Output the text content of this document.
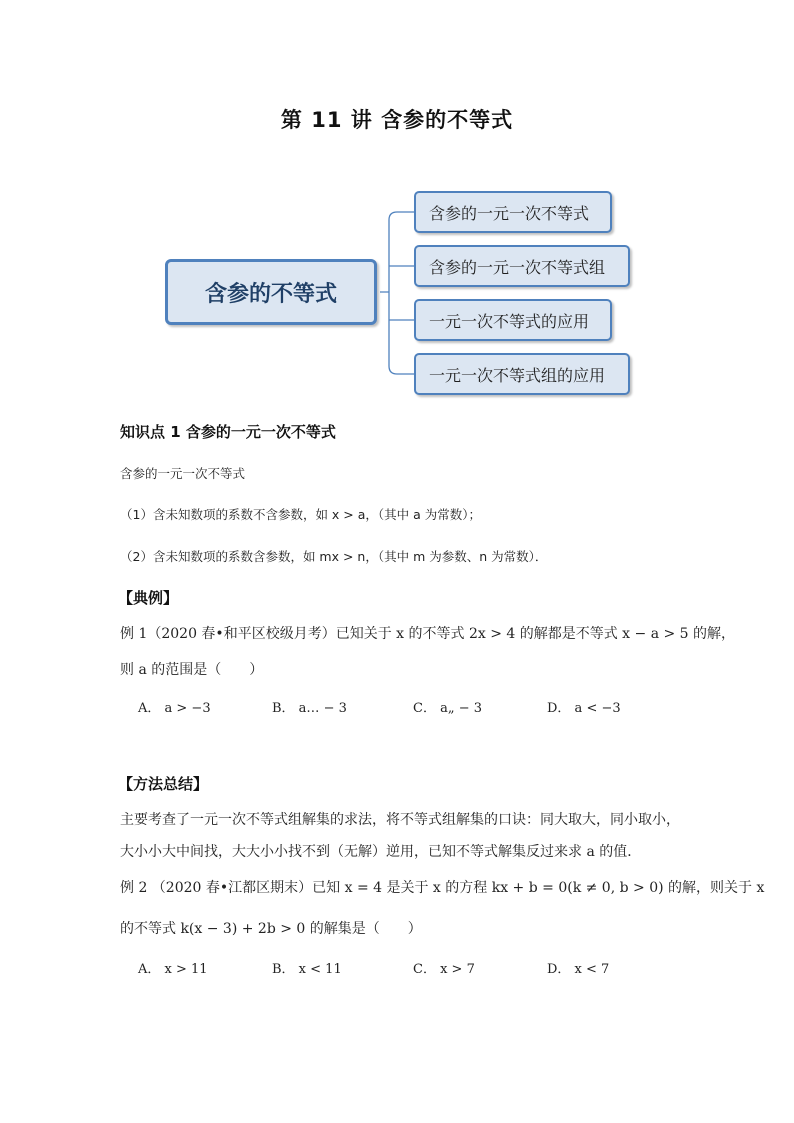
第 11 讲 含参的不等式
含参的不等式
含参的一元一次不等式
含参的一元一次不等式组
一元一次不等式的应用
一元一次不等式组的应用
知识点 1 含参的一元一次不等式
含参的一元一次不等式
（1）含未知数项的系数不含参数，如 x > a，（其中 a 为常数）；
（2）含未知数项的系数含参数，如 mx > n，（其中 m 为参数、n 为常数）．
【典例】
例 1（2020 春•和平区校级月考）已知关于 x 的不等式 2x > 4 的解都是不等式 x − a > 5 的解，
则 a 的范围是（　　）
A． a > −3	B． a… − 3	C． a„ − 3	D． a < −3
【方法总结】
主要考查了一元一次不等式组解集的求法，将不等式组解集的口诀：同大取大，同小取小，
大小小大中间找，大大小小找不到（无解）逆用，已知不等式解集反过来求 a 的值．
例 2 （2020 春•江都区期末）已知 x = 4 是关于 x 的方程 kx + b = 0(k ≠ 0, b > 0) 的解，则关于 x
的不等式 k(x − 3) + 2b > 0 的解集是（　　）
A． x > 11	B． x < 11	C． x > 7	D． x < 7
